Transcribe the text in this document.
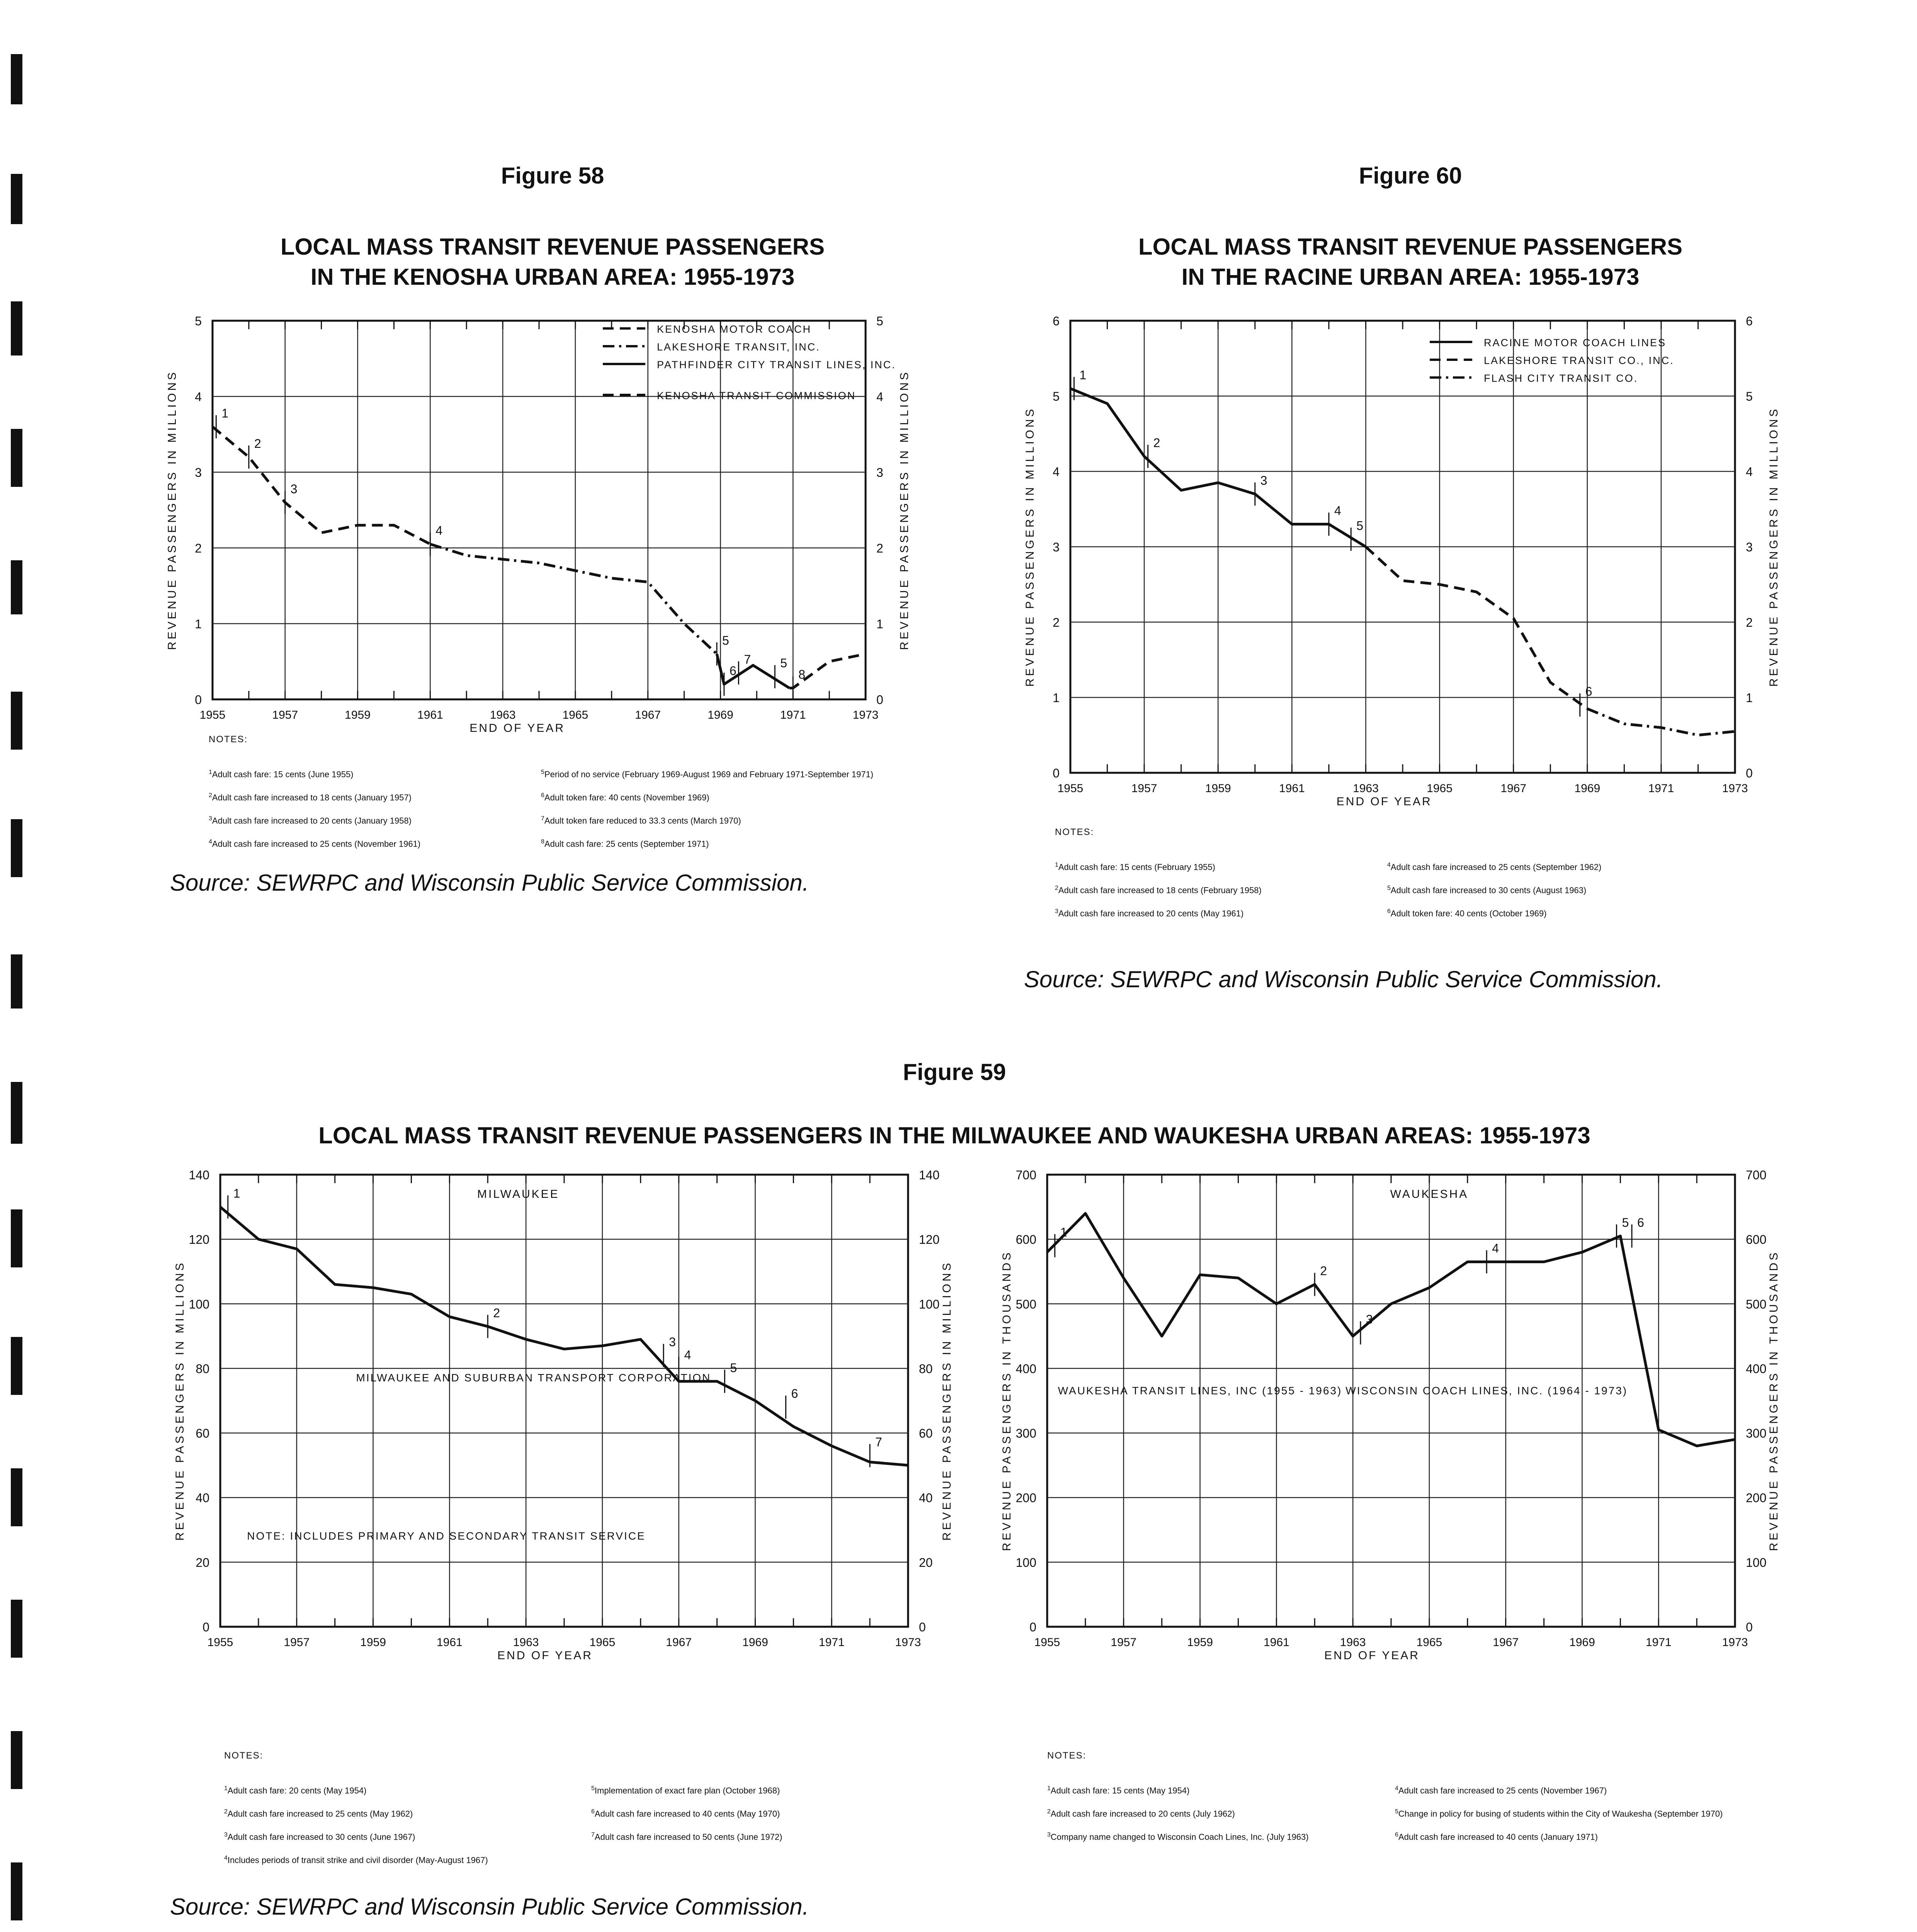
Figure 58
LOCAL MASS TRANSIT REVENUE PASSENGERS
IN THE KENOSHA URBAN AREA: 1955-1973
0	0
1	1
2	2
3	3
4	4
5	5
1955	1957	1959	1961	1963	1965	1967	1969	1971	1973
END OF YEAR
REVENUE PASSENGERS IN MILLIONS	REVENUE PASSENGERS IN MILLIONS
1
2
3
4
5
6
7 5
8
KENOSHA MOTOR COACH
LAKESHORE TRANSIT, INC.
PATHFINDER CITY TRANSIT LINES, INC.
KENOSHA TRANSIT COMMISSION
NOTES:
$^1$Adult cash fare: 15 cents (June 1955)
$^2$Adult cash fare increased to 18 cents (January 1957)
$^3$Adult cash fare increased to 20 cents (January 1958)
$^4$Adult cash fare increased to 25 cents (November 1961)
$^5$Period of no service (February 1969-August 1969 and February 1971-September 1971)
$^6$Adult token fare: 40 cents (November 1969)
$^7$Adult token fare reduced to 33.3 cents (March 1970)
$^8$Adult cash fare: 25 cents (September 1971)
Source: SEWRPC and Wisconsin Public Service Commission.
Figure 60
LOCAL MASS TRANSIT REVENUE PASSENGERS
IN THE RACINE URBAN AREA: 1955-1973
0	0
1	1
2	2
3	3
4	4
5	5
6	6
1955	1957	1959	1961	1963	1965	1967	1969	1971	1973
END OF YEAR
REVENUE PASSENGERS IN MILLIONS	REVENUE PASSENGERS IN MILLIONS
1
2
3
4
5
6
RACINE MOTOR COACH LINES
LAKESHORE TRANSIT CO., INC.
FLASH CITY TRANSIT CO.
NOTES:
$^1$Adult cash fare: 15 cents (February 1955)
$^2$Adult cash fare increased to 18 cents (February 1958)
$^3$Adult cash fare increased to 20 cents (May 1961)
$^4$Adult cash fare increased to 25 cents (September 1962)
$^5$Adult cash fare increased to 30 cents (August 1963)
$^6$Adult token fare: 40 cents (October 1969)
Source: SEWRPC and Wisconsin Public Service Commission.
Figure 59
LOCAL MASS TRANSIT REVENUE PASSENGERS IN THE MILWAUKEE AND WAUKESHA URBAN AREAS: 1955-1973
0	0
20	20
40	40
60	60
80	80
100	100
120	120
140	140
1955	1957	1959	1961	1963	1965	1967	1969	1971	1973
END OF YEAR
REVENUE PASSENGERS IN MILLIONS	REVENUE PASSENGERS IN MILLIONS
1
2
3
4
5
6
7
MILWAUKEE
MILWAUKEE AND SUBURBAN TRANSPORT CORPORATION
NOTE: INCLUDES PRIMARY AND SECONDARY TRANSIT SERVICE
0	0
100	100
200	200
300	300
400	400
500	500
600	600
700	700
1955	1957	1959	1961	1963	1965	1967	1969	1971	1973
END OF YEAR
REVENUE PASSENGERS IN THOUSANDS	REVENUE PASSENGERS IN THOUSANDS
1
2
3
4
5 6
WAUKESHA
WAUKESHA TRANSIT LINES, INC (1955 - 1963) WISCONSIN COACH LINES, INC. (1964 - 1973)
NOTES:
$^1$Adult cash fare: 20 cents (May 1954)
$^2$Adult cash fare increased to 25 cents (May 1962)
$^3$Adult cash fare increased to 30 cents (June 1967)
$^4$Includes periods of transit strike and civil disorder (May-August 1967)
$^5$Implementation of exact fare plan (October 1968)
$^6$Adult cash fare increased to 40 cents (May 1970)
$^7$Adult cash fare increased to 50 cents (June 1972)
NOTES:
$^1$Adult cash fare: 15 cents (May 1954)
$^2$Adult cash fare increased to 20 cents (July 1962)
$^3$Company name changed to Wisconsin Coach Lines, Inc. (July 1963)
$^4$Adult cash fare increased to 25 cents (November 1967)
$^5$Change in policy for busing of students within the City of Waukesha (September 1970)
$^6$Adult cash fare increased to 40 cents (January 1971)
Source: SEWRPC and Wisconsin Public Service Commission.
